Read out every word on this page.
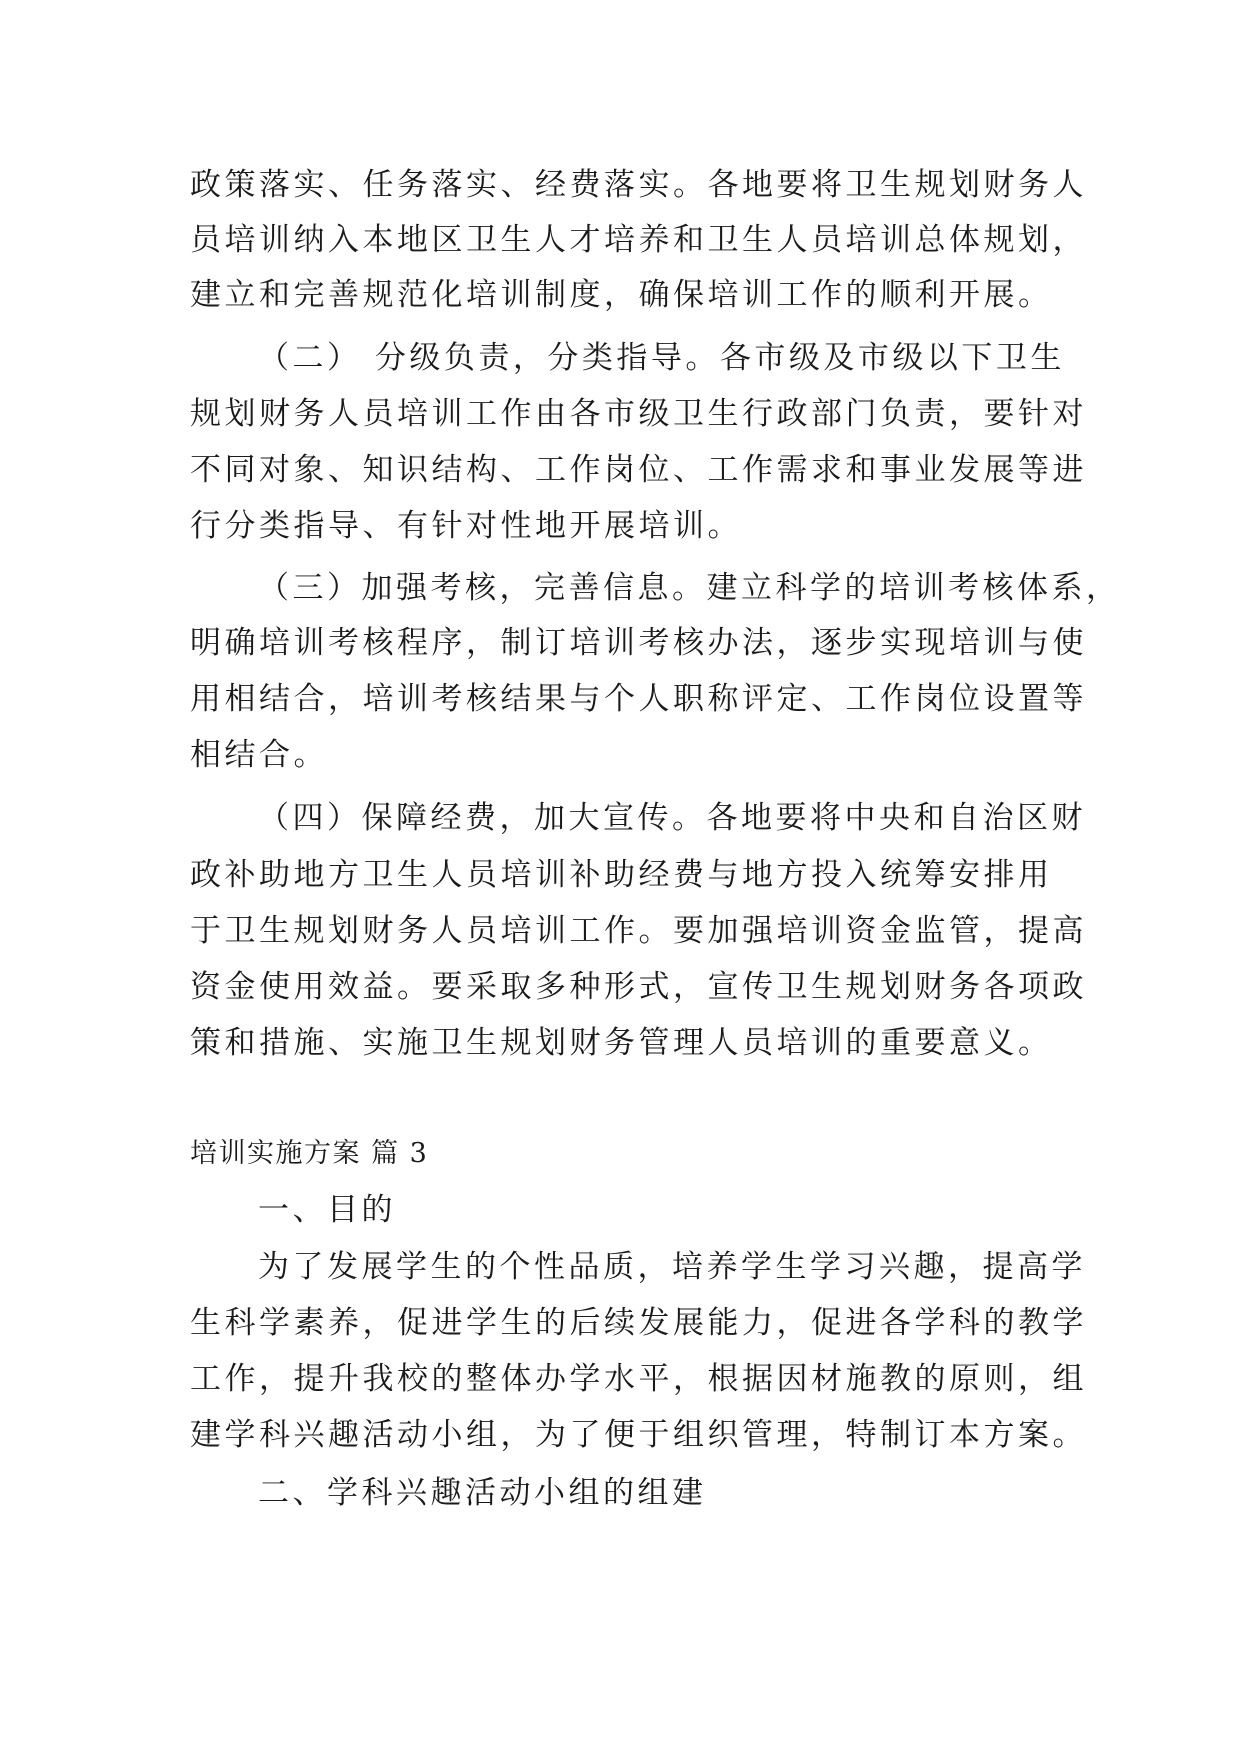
政策落实、任务落实、经费落实。各地要将卫生规划财务人
员培训纳入本地区卫生人才培养和卫生人员培训总体规划，
建立和完善规范化培训制度，确保培训工作的顺利开展。
（二） 分级负责，分类指导。各市级及市级以下卫生
规划财务人员培训工作由各市级卫生行政部门负责，要针对
不同对象、知识结构、工作岗位、工作需求和事业发展等进
行分类指导、有针对性地开展培训。
（三）加强考核，完善信息。建立科学的培训考核体系，
明确培训考核程序，制订培训考核办法，逐步实现培训与使
用相结合，培训考核结果与个人职称评定、工作岗位设置等
相结合。
（四）保障经费，加大宣传。各地要将中央和自治区财
政补助地方卫生人员培训补助经费与地方投入统筹安排用
于卫生规划财务人员培训工作。要加强培训资金监管，提高
资金使用效益。要采取多种形式，宣传卫生规划财务各项政
策和措施、实施卫生规划财务管理人员培训的重要意义。
培训实施方案 篇 3
一、目的
为了发展学生的个性品质，培养学生学习兴趣，提高学
生科学素养，促进学生的后续发展能力，促进各学科的教学
工作，提升我校的整体办学水平，根据因材施教的原则，组
建学科兴趣活动小组，为了便于组织管理，特制订本方案。
二、学科兴趣活动小组的组建
